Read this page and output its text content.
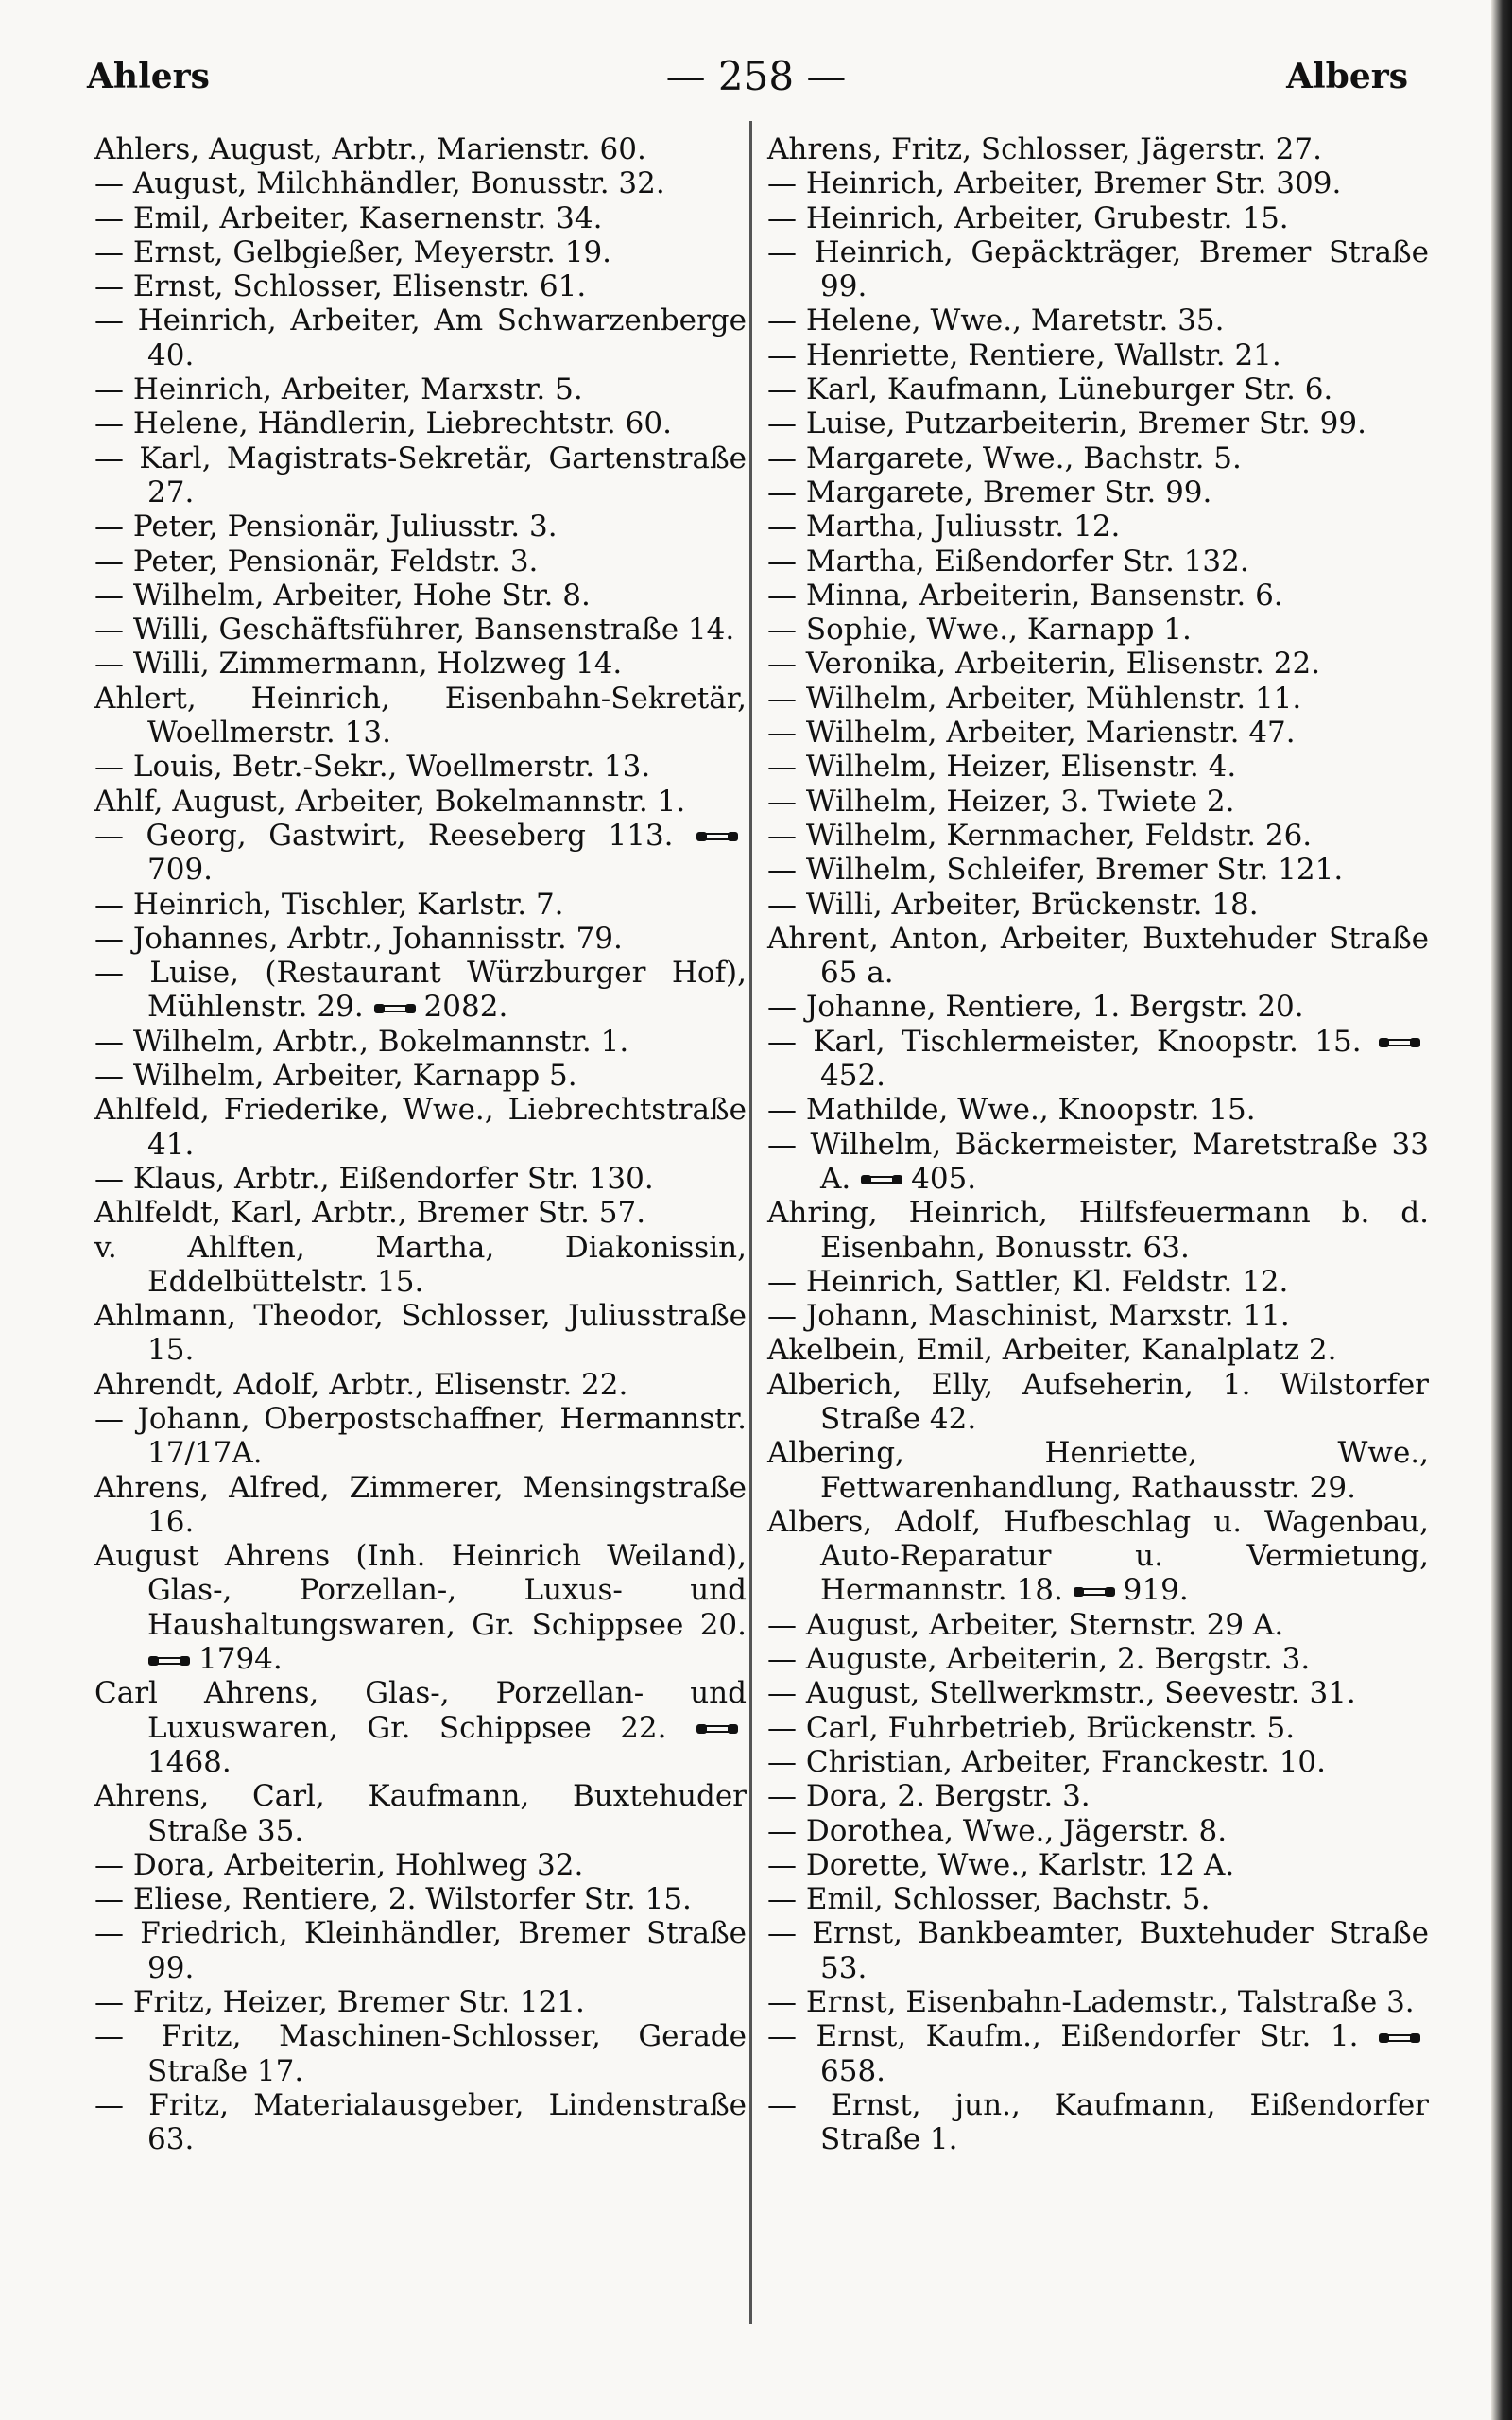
Ahlers	— 258 —	Albers
Ahlers, August, Arbtr., Marienstr. 60.
— August, Milchhändler, Bonusstr. 32.
— Emil, Arbeiter, Kasernenstr. 34.
— Ernst, Gelbgießer, Meyerstr. 19.
— Ernst, Schlosser, Elisenstr. 61.
— Heinrich, Arbeiter, Am Schwarzenberge 40.
— Heinrich, Arbeiter, Marxstr. 5.
— Helene, Händlerin, Liebrechtstr. 60.
— Karl, Magistrats-Sekretär, Gartenstraße 27.
— Peter, Pensionär, Juliusstr. 3.
— Peter, Pensionär, Feldstr. 3.
— Wilhelm, Arbeiter, Hohe Str. 8.
— Willi, Geschäftsführer, Bansenstraße 14.
— Willi, Zimmermann, Holzweg 14.
Ahlert, Heinrich, Eisenbahn-Sekretär, Woellmerstr. 13.
— Louis, Betr.-Sekr., Woellmerstr. 13.
Ahlf, August, Arbeiter, Bokelmannstr. 1.
— Georg, Gastwirt, Reeseberg 113. 709.
— Heinrich, Tischler, Karlstr. 7.
— Johannes, Arbtr., Johannisstr. 79.
— Luise, (Restaurant Würzburger Hof), Mühlenstr. 29. 2082.
— Wilhelm, Arbtr., Bokelmannstr. 1.
— Wilhelm, Arbeiter, Karnapp 5.
Ahlfeld, Friederike, Wwe., Liebrechtstraße 41.
— Klaus, Arbtr., Eißendorfer Str. 130.
Ahlfeldt, Karl, Arbtr., Bremer Str. 57.
v. Ahlften, Martha, Diakonissin, Eddelbüttelstr. 15.
Ahlmann, Theodor, Schlosser, Juliusstraße 15.
Ahrendt, Adolf, Arbtr., Elisenstr. 22.
— Johann, Oberpostschaffner, Hermannstr. 17/17A.
Ahrens, Alfred, Zimmerer, Mensingstraße 16.
August Ahrens (Inh. Heinrich Weiland), Glas-, Porzellan-, Luxus- und Haushaltungswaren, Gr. Schippsee 20. 1794.
Carl Ahrens, Glas-, Porzellan- und Luxuswaren, Gr. Schippsee 22. 1468.
Ahrens, Carl, Kaufmann, Buxtehuder Straße 35.
— Dora, Arbeiterin, Hohlweg 32.
— Eliese, Rentiere, 2. Wilstorfer Str. 15.
— Friedrich, Kleinhändler, Bremer Straße 99.
— Fritz, Heizer, Bremer Str. 121.
— Fritz, Maschinen-Schlosser, Gerade Straße 17.
— Fritz, Materialausgeber, Lindenstraße 63.
Ahrens, Fritz, Schlosser, Jägerstr. 27.
— Heinrich, Arbeiter, Bremer Str. 309.
— Heinrich, Arbeiter, Grubestr. 15.
— Heinrich, Gepäckträger, Bremer Straße 99.
— Helene, Wwe., Maretstr. 35.
— Henriette, Rentiere, Wallstr. 21.
— Karl, Kaufmann, Lüneburger Str. 6.
— Luise, Putzarbeiterin, Bremer Str. 99.
— Margarete, Wwe., Bachstr. 5.
— Margarete, Bremer Str. 99.
— Martha, Juliusstr. 12.
— Martha, Eißendorfer Str. 132.
— Minna, Arbeiterin, Bansenstr. 6.
— Sophie, Wwe., Karnapp 1.
— Veronika, Arbeiterin, Elisenstr. 22.
— Wilhelm, Arbeiter, Mühlenstr. 11.
— Wilhelm, Arbeiter, Marienstr. 47.
— Wilhelm, Heizer, Elisenstr. 4.
— Wilhelm, Heizer, 3. Twiete 2.
— Wilhelm, Kernmacher, Feldstr. 26.
— Wilhelm, Schleifer, Bremer Str. 121.
— Willi, Arbeiter, Brückenstr. 18.
Ahrent, Anton, Arbeiter, Buxtehuder Straße 65 a.
— Johanne, Rentiere, 1. Bergstr. 20.
— Karl, Tischlermeister, Knoopstr. 15. 452.
— Mathilde, Wwe., Knoopstr. 15.
— Wilhelm, Bäckermeister, Maretstraße 33 A. 405.
Ahring, Heinrich, Hilfsfeuermann b. d. Eisenbahn, Bonusstr. 63.
— Heinrich, Sattler, Kl. Feldstr. 12.
— Johann, Maschinist, Marxstr. 11.
Akelbein, Emil, Arbeiter, Kanalplatz 2.
Alberich, Elly, Aufseherin, 1. Wilstorfer Straße 42.
Albering, Henriette, Wwe., Fettwarenhandlung, Rathausstr. 29.
Albers, Adolf, Hufbeschlag u. Wagenbau, Auto-Reparatur u. Vermietung, Hermannstr. 18. 919.
— August, Arbeiter, Sternstr. 29 A.
— Auguste, Arbeiterin, 2. Bergstr. 3.
— August, Stellwerkmstr., Seevestr. 31.
— Carl, Fuhrbetrieb, Brückenstr. 5.
— Christian, Arbeiter, Franckestr. 10.
— Dora, 2. Bergstr. 3.
— Dorothea, Wwe., Jägerstr. 8.
— Dorette, Wwe., Karlstr. 12 A.
— Emil, Schlosser, Bachstr. 5.
— Ernst, Bankbeamter, Buxtehuder Straße 53.
— Ernst, Eisenbahn-Lademstr., Talstraße 3.
— Ernst, Kaufm., Eißendorfer Str. 1. 658.
— Ernst, jun., Kaufmann, Eißendorfer Straße 1.
